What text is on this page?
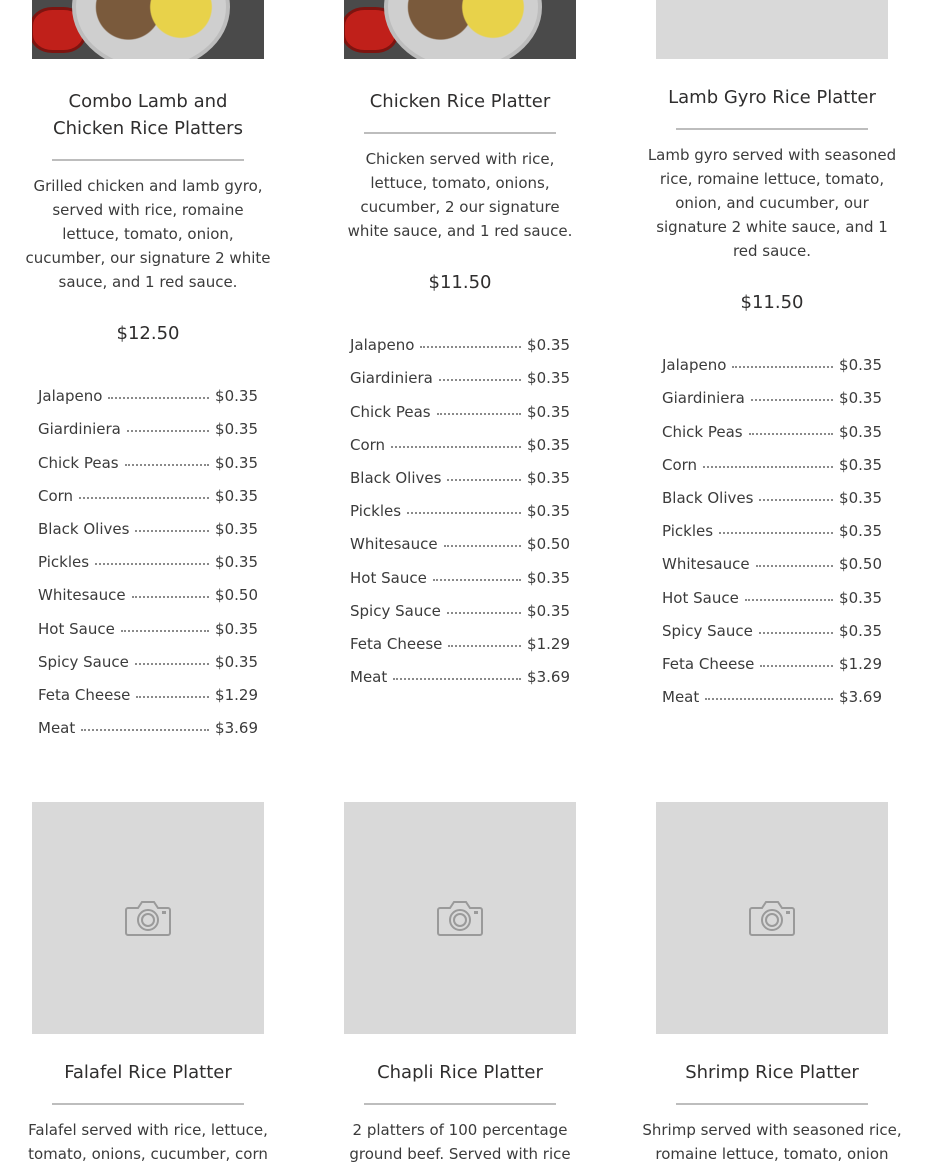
Combo Lamb and Chicken Rice Platters
Grilled chicken and lamb gyro, served with rice, romaine lettuce, tomato, onion, cucumber, our signature 2 white sauce, and 1 red sauce.
$12.50
Jalapeno	$0.35
Giardiniera	$0.35
Chick Peas	$0.35
Corn	$0.35
Black Olives	$0.35
Pickles	$0.35
Whitesauce	$0.50
Hot Sauce	$0.35
Spicy Sauce	$0.35
Feta Cheese	$1.29
Meat	$3.69
Chicken Rice Platter
Chicken served with rice, lettuce, tomato, onions, cucumber, 2 our signature white sauce, and 1 red sauce.
$11.50
Jalapeno	$0.35
Giardiniera	$0.35
Chick Peas	$0.35
Corn	$0.35
Black Olives	$0.35
Pickles	$0.35
Whitesauce	$0.50
Hot Sauce	$0.35
Spicy Sauce	$0.35
Feta Cheese	$1.29
Meat	$3.69
Lamb Gyro Rice Platter
Lamb gyro served with seasoned rice, romaine lettuce, tomato, onion, and cucumber, our signature 2 white sauce, and 1 red sauce.
$11.50
Jalapeno	$0.35
Giardiniera	$0.35
Chick Peas	$0.35
Corn	$0.35
Black Olives	$0.35
Pickles	$0.35
Whitesauce	$0.50
Hot Sauce	$0.35
Spicy Sauce	$0.35
Feta Cheese	$1.29
Meat	$3.69
Falafel Rice Platter
Falafel served with rice, lettuce, tomato, onions, cucumber, corn
Chapli Rice Platter
2 platters of 100 percentage ground beef. Served with rice
Shrimp Rice Platter
Shrimp served with seasoned rice, romaine lettuce, tomato, onion
